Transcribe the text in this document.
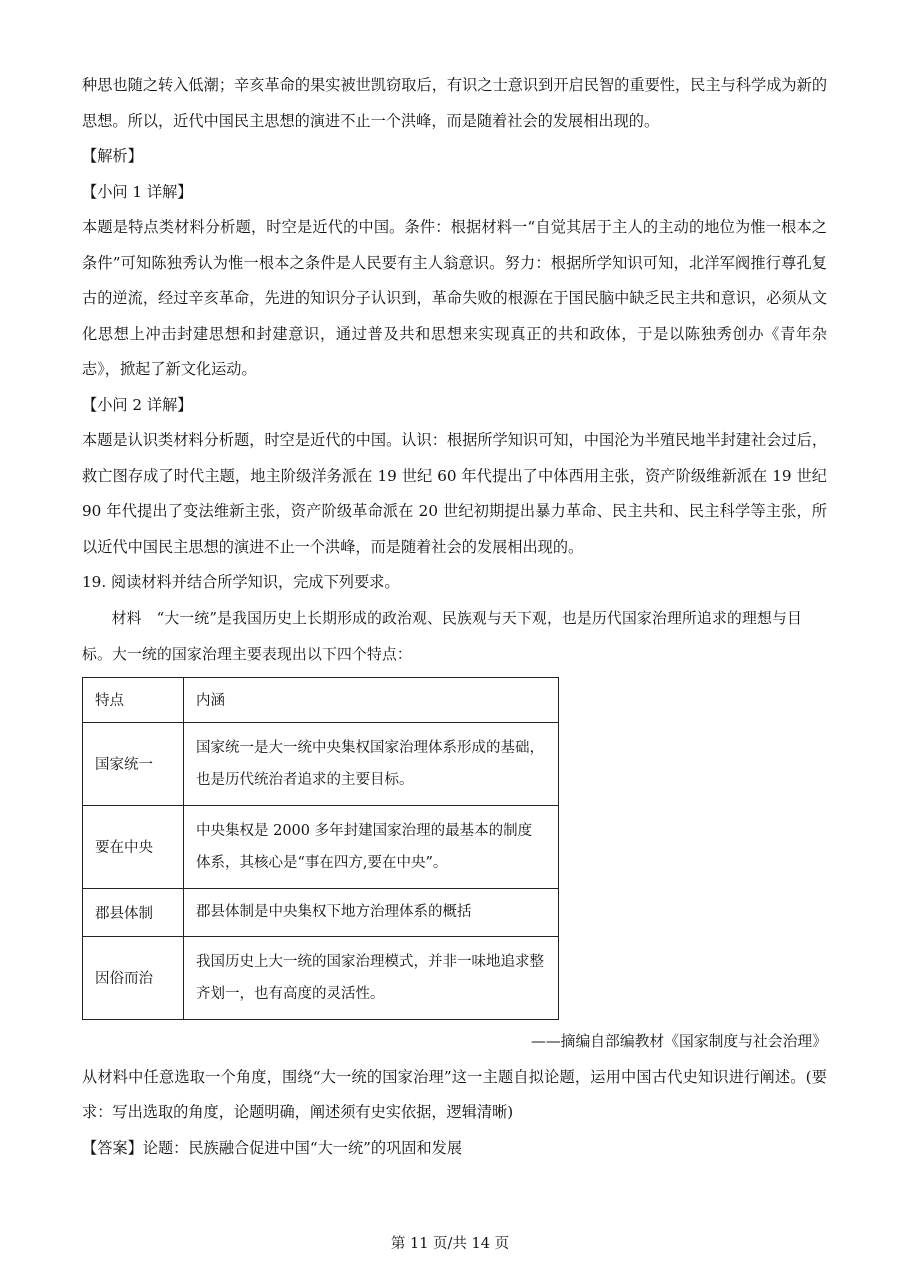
种思也随之转入低潮；辛亥革命的果实被世凯窃取后，有识之士意识到开启民智的重要性，民主与科学成为新的思想。所以，近代中国民主思想的演进不止一个洪峰，而是随着社会的发展相出现的。

【解析】

【小问 1 详解】

本题是特点类材料分析题，时空是近代的中国。条件：根据材料一“自觉其居于主人的主动的地位为惟一根本之条件”可知陈独秀认为惟一根本之条件是人民要有主人翁意识。努力：根据所学知识可知，北洋军阀推行尊孔复古的逆流，经过辛亥革命，先进的知识分子认识到，革命失败的根源在于国民脑中缺乏民主共和意识，必须从文化思想上冲击封建思想和封建意识，通过普及共和思想来实现真正的共和政体，于是以陈独秀创办《青年杂志》，掀起了新文化运动。

【小问 2 详解】

本题是认识类材料分析题，时空是近代的中国。认识：根据所学知识可知，中国沦为半殖民地半封建社会过后，救亡图存成了时代主题，地主阶级洋务派在 19 世纪 60 年代提出了中体西用主张，资产阶级维新派在 19 世纪 90 年代提出了变法维新主张，资产阶级革命派在 20 世纪初期提出暴力革命、民主共和、民主科学等主张，所以近代中国民主思想的演进不止一个洪峰，而是随着社会的发展相出现的。

19. 阅读材料并结合所学知识，完成下列要求。

材料　“大一统”是我国历史上长期形成的政治观、民族观与天下观，也是历代国家治理所追求的理想与目标。大一统的国家治理主要表现出以下四个特点：

特点	内涵
国家统一	国家统一是大一统中央集权国家治理体系形成的基础，也是历代统治者追求的主要目标。

要在中央	中央集权是 2000 多年封建国家治理的最基本的制度体系，其核心是“事在四方,要在中央”。

郡县体制	郡县体制是中央集权下地方治理体系的概括

因俗而治	我国历史上大一统的国家治理模式，并非一味地追求整齐划一，也有高度的灵活性。

——摘编自部编教材《国家制度与社会治理》

从材料中任意选取一个角度，围绕“大一统的国家治理”这一主题自拟论题，运用中国古代史知识进行阐述。(要求：写出选取的角度，论题明确，阐述须有史实依据，逻辑清晰)

【答案】论题：民族融合促进中国“大一统”的巩固和发展

第 11 页/共 14 页
